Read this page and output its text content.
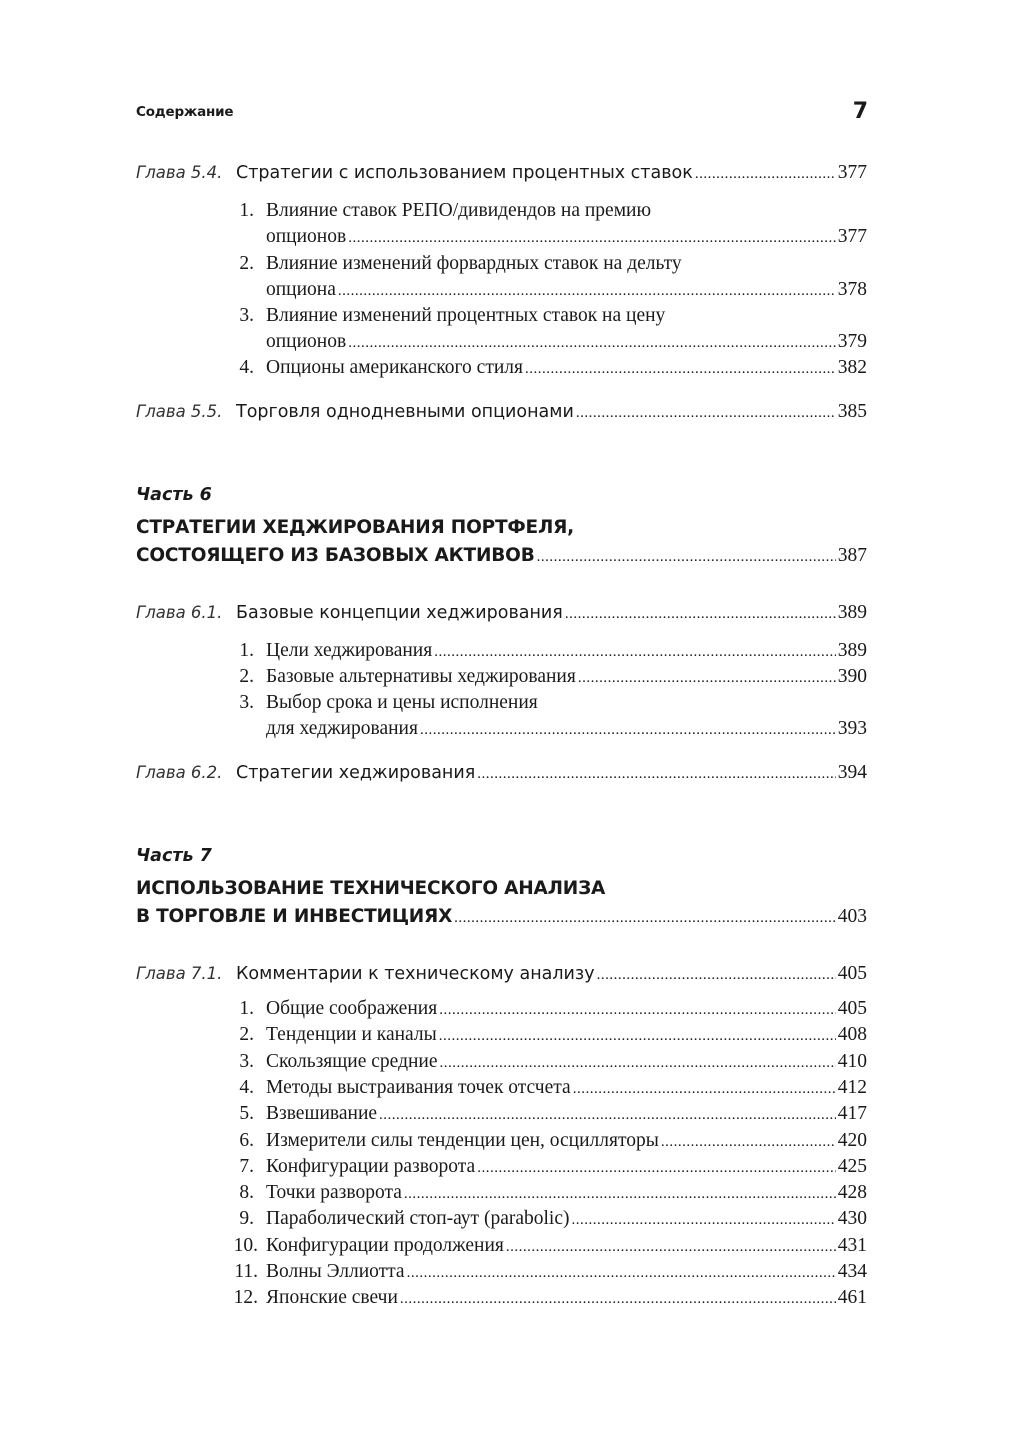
Содержание	7
Глава 5.4. Стратегии с использованием процентных ставок .....	377
1. Влияние ставок РЕПО/дивидендов на премию
опционов .....	377
2. Влияние изменений форвардных ставок на дельту
опциона .....	378
3. Влияние изменений процентных ставок на цену
опционов .....	379
4. Опционы американского стиля .....	382
Глава 5.5. Торговля однодневными опционами .....	385
Часть 6
СТРАТЕГИИ ХЕДЖИРОВАНИЯ ПОРТФЕЛЯ,
СОСТОЯЩЕГО ИЗ БАЗОВЫХ АКТИВОВ .....	387
Глава 6.1. Базовые концепции хеджирования .....	389
1. Цели хеджирования .....	389
2. Базовые альтернативы хеджирования .....	390
3. Выбор срока и цены исполнения
для хеджирования .....	393
Глава 6.2. Стратегии хеджирования .....	394
Часть 7
ИСПОЛЬЗОВАНИЕ ТЕХНИЧЕСКОГО АНАЛИЗА
В ТОРГОВЛЕ И ИНВЕСТИЦИЯХ .....	403
Глава 7.1. Комментарии к техническому анализу .....	405
1. Общие соображения .....	405
2. Тенденции и каналы .....	408
3. Скользящие средние .....	410
4. Методы выстраивания точек отсчета .....	412
5. Взвешивание .....	417
6. Измерители силы тенденции цен, осцилляторы .....	420
7. Конфигурации разворота .....	425
8. Точки разворота .....	428
9. Параболический стоп-аут (parabolic) .....	430
10. Конфигурации продолжения .....	431
11. Волны Эллиотта .....	434
12. Японские свечи .....	461
